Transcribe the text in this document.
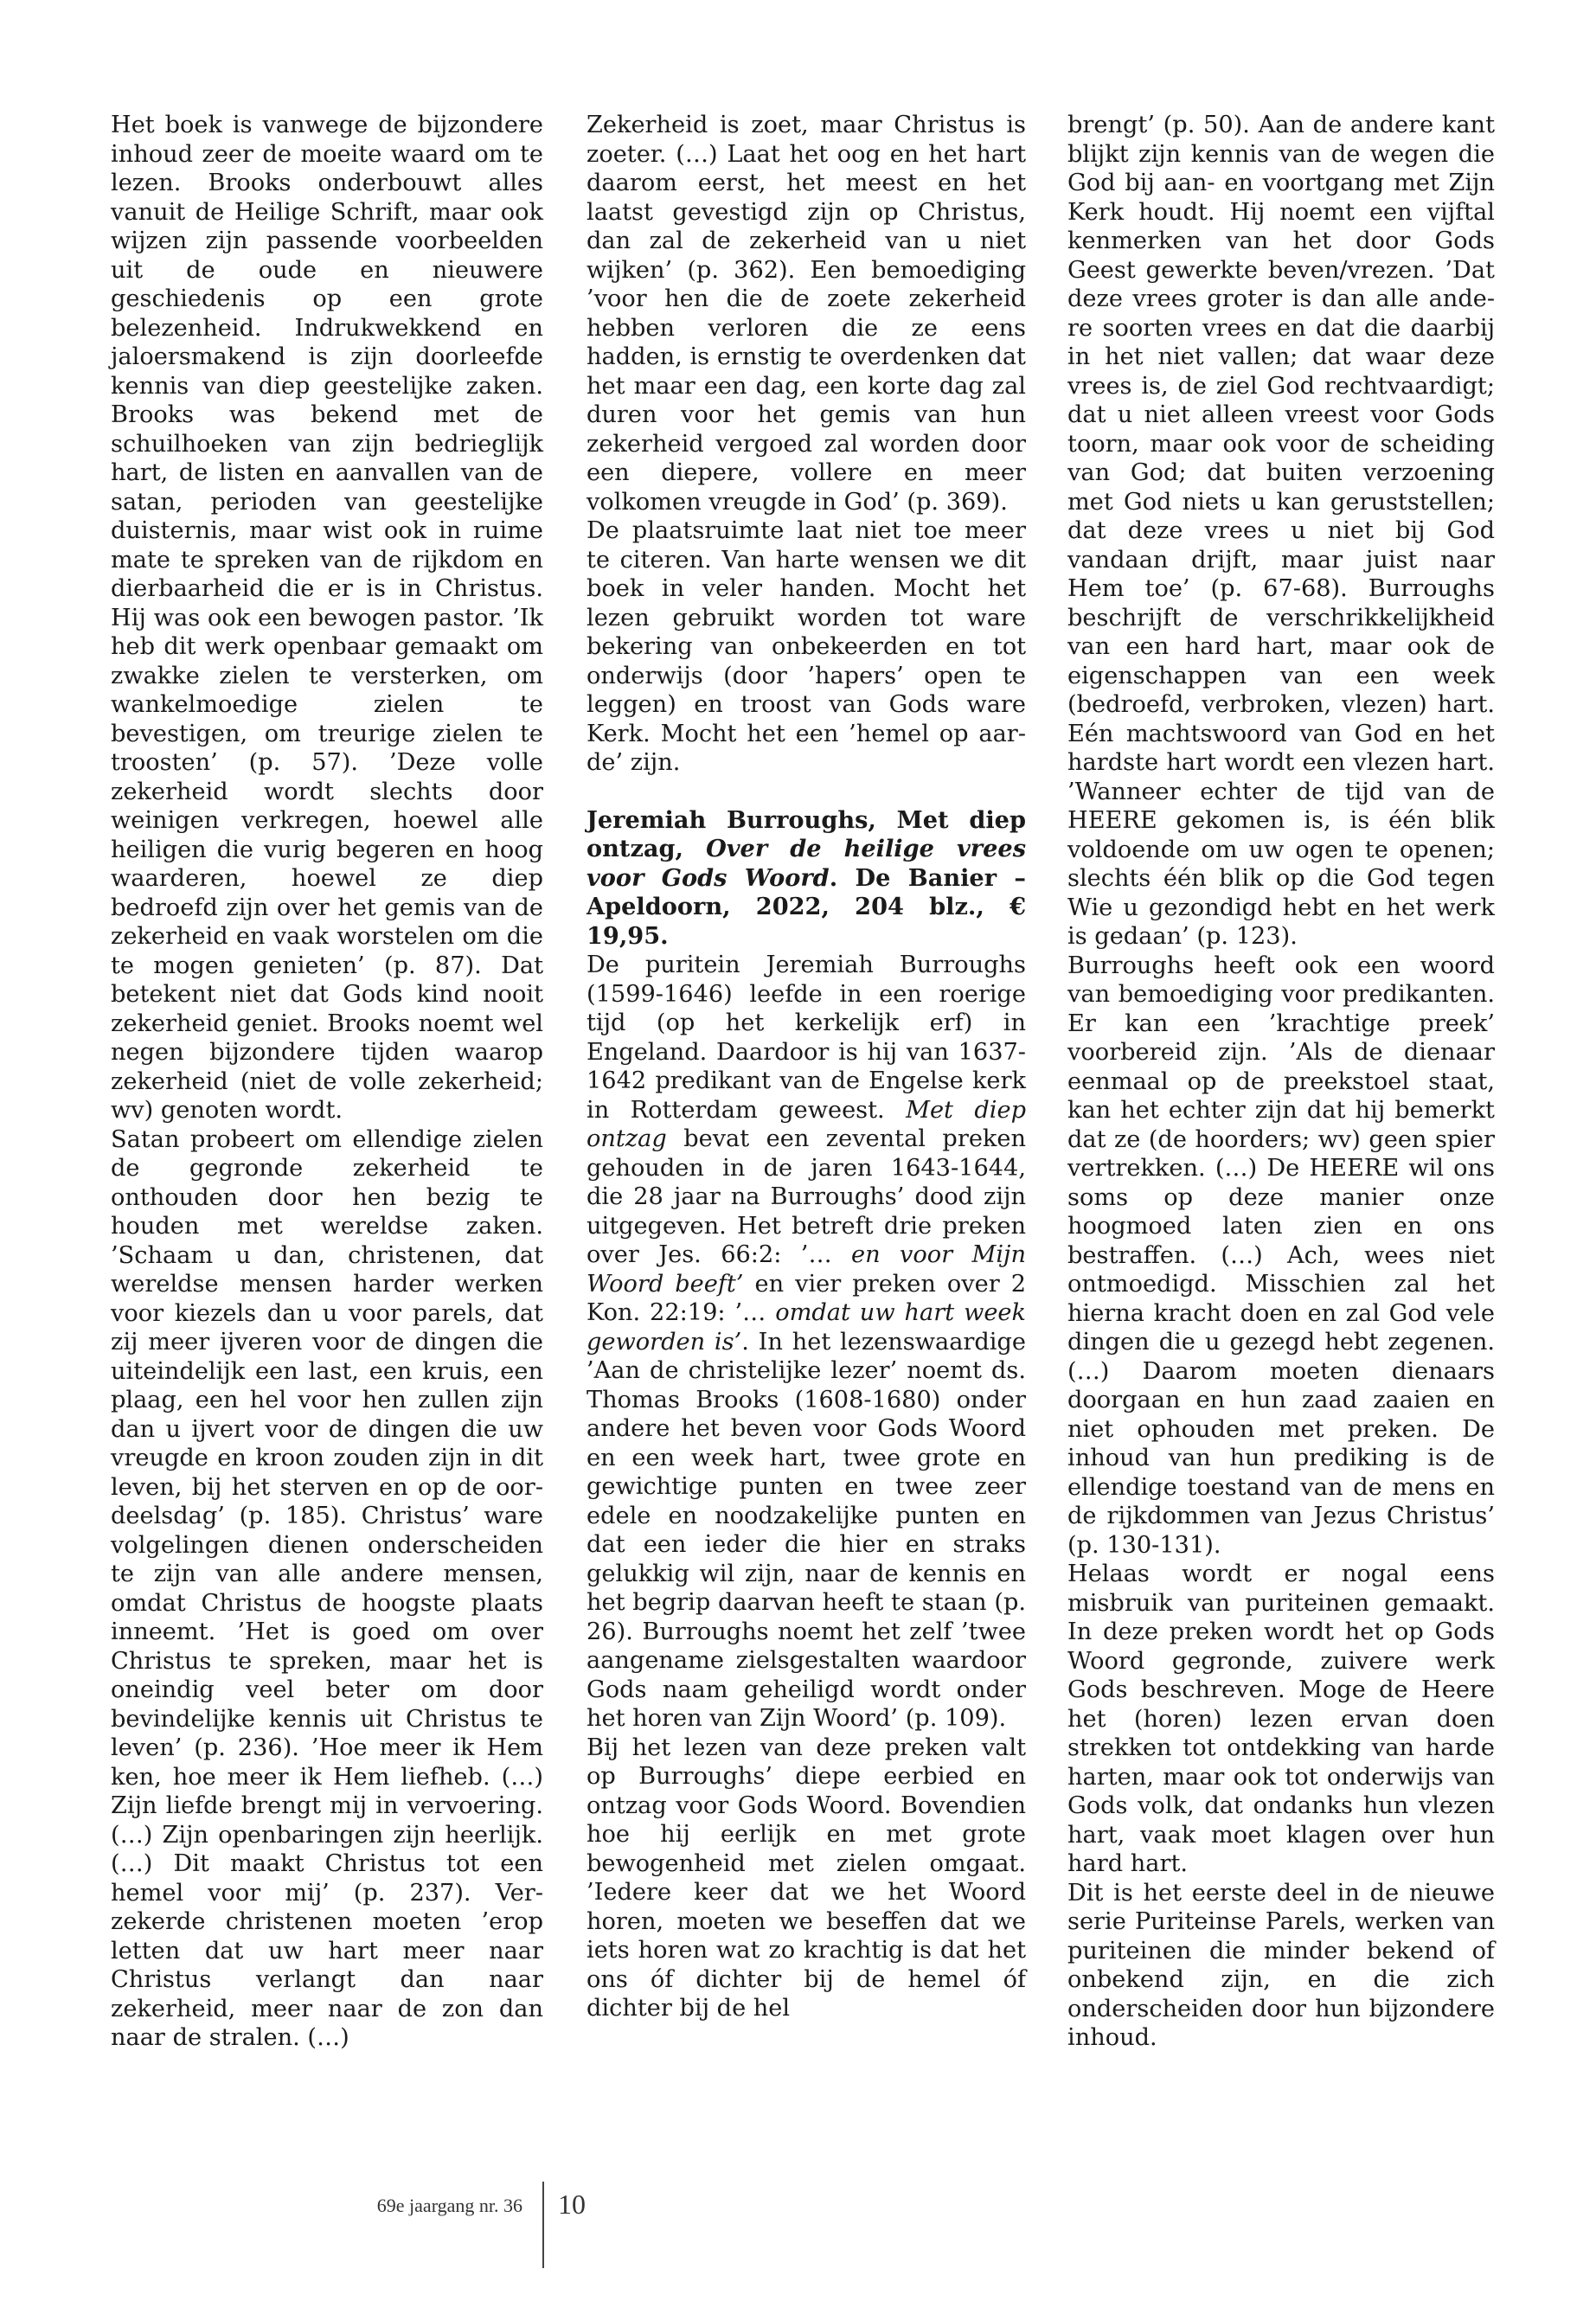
Het boek is vanwege de bijzondere inhoud zeer de moeite waard om te lezen. Brooks onderbouwt alles vanuit de Heilige Schrift, maar ook wijzen zijn passende voorbeelden uit de oude en nieuwere geschiedenis op een grote belezenheid. Indrukwekkend en jaloersmakend is zijn doorleefde kennis van diep geestelijke zaken. Brooks was bekend met de schuilhoeken van zijn bedrieglijk hart, de listen en aanvallen van de satan, perioden van geestelijke duisternis, maar wist ook in ruime mate te spreken van de rijkdom en dierbaarheid die er is in Christus. Hij was ook een bewogen pastor. ’Ik heb dit werk openbaar gemaakt om zwakke zielen te versterken, om wankelmoedige zielen te bevestigen, om treurige zielen te troosten’ (p. 57). ’Deze volle zekerheid wordt slechts door weinigen verkregen, hoewel alle heiligen die vurig begeren en hoog waarderen, hoewel ze diep bedroefd zijn over het gemis van de zekerheid en vaak worstelen om die te mogen genieten’ (p. 87). Dat betekent niet dat Gods kind nooit zekerheid geniet. Brooks noemt wel negen bijzondere tijden waarop zekerheid (niet de volle zekerheid; wv) genoten wordt.

Satan probeert om ellendige zielen de gegronde zekerheid te onthouden door hen bezig te houden met wereldse zaken. ’Schaam u dan, christenen, dat wereldse mensen harder werken voor kiezels dan u voor parels, dat zij meer ijveren voor de dingen die uiteindelijk een last, een kruis, een plaag, een hel voor hen zullen zijn dan u ijvert voor de dingen die uw vreugde en kroon zouden zijn in dit leven, bij het sterven en op de oordeelsdag’ (p. 185). Christus’ ware volgelingen dienen onderscheiden te zijn van alle andere mensen, omdat Christus de hoogste plaats inneemt. ’Het is goed om over Christus te spreken, maar het is oneindig veel beter om door bevindelijke kennis uit Christus te leven’ (p. 236). ’Hoe meer ik Hem ken, hoe meer ik Hem liefheb. (…) Zijn liefde brengt mij in vervoering. (…) Zijn openbaringen zijn heerlijk. (…) Dit maakt Christus tot een hemel voor mij’ (p. 237). Verzekerde christenen moeten ’erop letten dat uw hart meer naar Christus verlangt dan naar zekerheid, meer naar de zon dan naar de stralen. (…)

Zekerheid is zoet, maar Christus is zoeter. (…) Laat het oog en het hart daarom eerst, het meest en het laatst gevestigd zijn op Christus, dan zal de zekerheid van u niet wijken’ (p. 362). Een bemoediging ’voor hen die de zoete zekerheid hebben verloren die ze eens hadden, is ernstig te overdenken dat het maar een dag, een korte dag zal duren voor het gemis van hun zekerheid vergoed zal worden door een diepere, vollere en meer volkomen vreugde in God’ (p. 369).

De plaatsruimte laat niet toe meer te citeren. Van harte wensen we dit boek in veler handen. Mocht het lezen gebruikt worden tot ware bekering van onbekeerden en tot onderwijs (door ’hapers’ open te leggen) en troost van Gods ware Kerk. Mocht het een ’hemel op aarde’ zijn.

Jeremiah Burroughs, Met diep ontzag, Over de heilige vrees voor Gods Woord. De Banier – Apeldoorn, 2022, 204 blz., € 19,95.

De puritein Jeremiah Burroughs (1599-1646) leefde in een roerige tijd (op het kerkelijk erf) in Engeland. Daardoor is hij van 1637-1642 predikant van de Engelse kerk in Rotterdam geweest. Met diep ontzag bevat een zevental preken gehouden in de jaren 1643-1644, die 28 jaar na Burroughs’ dood zijn uitgegeven. Het betreft drie preken over Jes. 66:2: ’… en voor Mijn Woord beeft’ en vier preken over 2 Kon. 22:19: ’… omdat uw hart week geworden is’. In het lezenswaardige ’Aan de christelijke lezer’ noemt ds. Thomas Brooks (1608-1680) onder andere het beven voor Gods Woord en een week hart, twee grote en gewichtige punten en twee zeer edele en noodzakelijke punten en dat een ieder die hier en straks gelukkig wil zijn, naar de kennis en het begrip daarvan heeft te staan (p. 26). Burroughs noemt het zelf ’twee aangename zielsgestalten waardoor Gods naam geheiligd wordt onder het horen van Zijn Woord’ (p. 109).

Bij het lezen van deze preken valt op Burroughs’ diepe eerbied en ontzag voor Gods Woord. Bovendien hoe hij eerlijk en met grote bewogenheid met zielen omgaat. ’Iedere keer dat we het Woord horen, moeten we beseffen dat we iets horen wat zo krachtig is dat het ons óf dichter bij de hemel óf dichter bij de hel

brengt’ (p. 50). Aan de andere kant blijkt zijn kennis van de wegen die God bij aan- en voortgang met Zijn Kerk houdt. Hij noemt een vijftal kenmerken van het door Gods Geest gewerkte beven/vrezen. ’Dat deze vrees groter is dan alle andere soorten vrees en dat die daarbij in het niet vallen; dat waar deze vrees is, de ziel God rechtvaardigt; dat u niet alleen vreest voor Gods toorn, maar ook voor de scheiding van God; dat buiten verzoening met God niets u kan geruststellen; dat deze vrees u niet bij God vandaan drijft, maar juist naar Hem toe’ (p. 67-68). Burroughs beschrijft de verschrikkelijkheid van een hard hart, maar ook de eigenschappen van een week (bedroefd, verbroken, vlezen) hart. Eén machtswoord van God en het hardste hart wordt een vlezen hart. ’Wanneer echter de tijd van de HEERE gekomen is, is één blik voldoende om uw ogen te openen; slechts één blik op die God tegen Wie u gezondigd hebt en het werk is gedaan’ (p. 123).

Burroughs heeft ook een woord van bemoediging voor predikanten. Er kan een ’krachtige preek’ voorbereid zijn. ’Als de dienaar eenmaal op de preekstoel staat, kan het echter zijn dat hij bemerkt dat ze (de hoorders; wv) geen spier vertrekken. (…) De HEERE wil ons soms op deze manier onze hoogmoed laten zien en ons bestraffen. (…) Ach, wees niet ontmoedigd. Misschien zal het hierna kracht doen en zal God vele dingen die u gezegd hebt zegenen. (…) Daarom moeten dienaars doorgaan en hun zaad zaaien en niet ophouden met preken. De inhoud van hun prediking is de ellendige toestand van de mens en de rijkdommen van Jezus Christus’ (p. 130-131).

Helaas wordt er nogal eens misbruik van puriteinen gemaakt. In deze preken wordt het op Gods Woord gegronde, zuivere werk Gods beschreven. Moge de Heere het (horen) lezen ervan doen strekken tot ontdekking van harde harten, maar ook tot onderwijs van Gods volk, dat ondanks hun vlezen hart, vaak moet klagen over hun hard hart.

Dit is het eerste deel in de nieuwe serie Puriteinse Parels, werken van puriteinen die minder bekend of onbekend zijn, en die zich onderscheiden door hun bijzondere inhoud.

69e jaargang nr. 36 10
